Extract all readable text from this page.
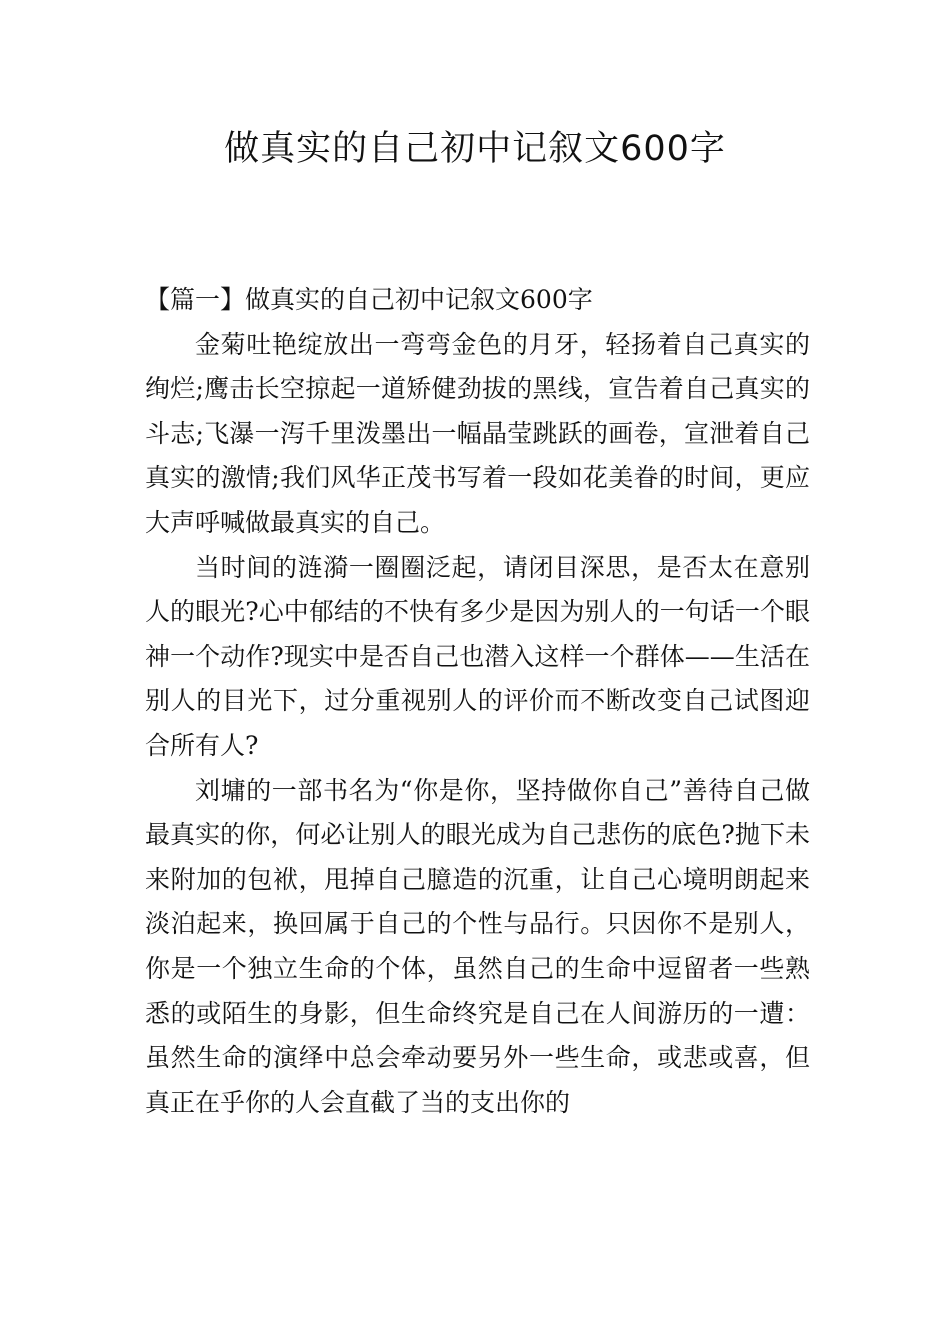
做真实的自己初中记叙文600字

【篇一】做真实的自己初中记叙文600字

金菊吐艳绽放出一弯弯金色的月牙，轻扬着自己真实的绚烂;鹰击长空掠起一道矫健劲拔的黑线，宣告着自己真实的斗志;飞瀑一泻千里泼墨出一幅晶莹跳跃的画卷，宣泄着自己真实的激情;我们风华正茂书写着一段如花美眷的时间，更应大声呼喊做最真实的自己。

当时间的涟漪一圈圈泛起，请闭目深思，是否太在意别人的眼光?心中郁结的不快有多少是因为别人的一句话一个眼神一个动作?现实中是否自己也潜入这样一个群体——生活在别人的目光下，过分重视别人的评价而不断改变自己试图迎合所有人?

刘墉的一部书名为“你是你，坚持做你自己”善待自己做最真实的你，何必让别人的眼光成为自己悲伤的底色?抛下未来附加的包袱，甩掉自己臆造的沉重，让自己心境明朗起来淡泊起来，换回属于自己的个性与品行。只因你不是别人，你是一个独立生命的个体，虽然自己的生命中逗留者一些熟悉的或陌生的身影，但生命终究是自己在人间游历的一遭：虽然生命的演绎中总会牵动要另外一些生命，或悲或喜，但真正在乎你的人会直截了当的支出你的
